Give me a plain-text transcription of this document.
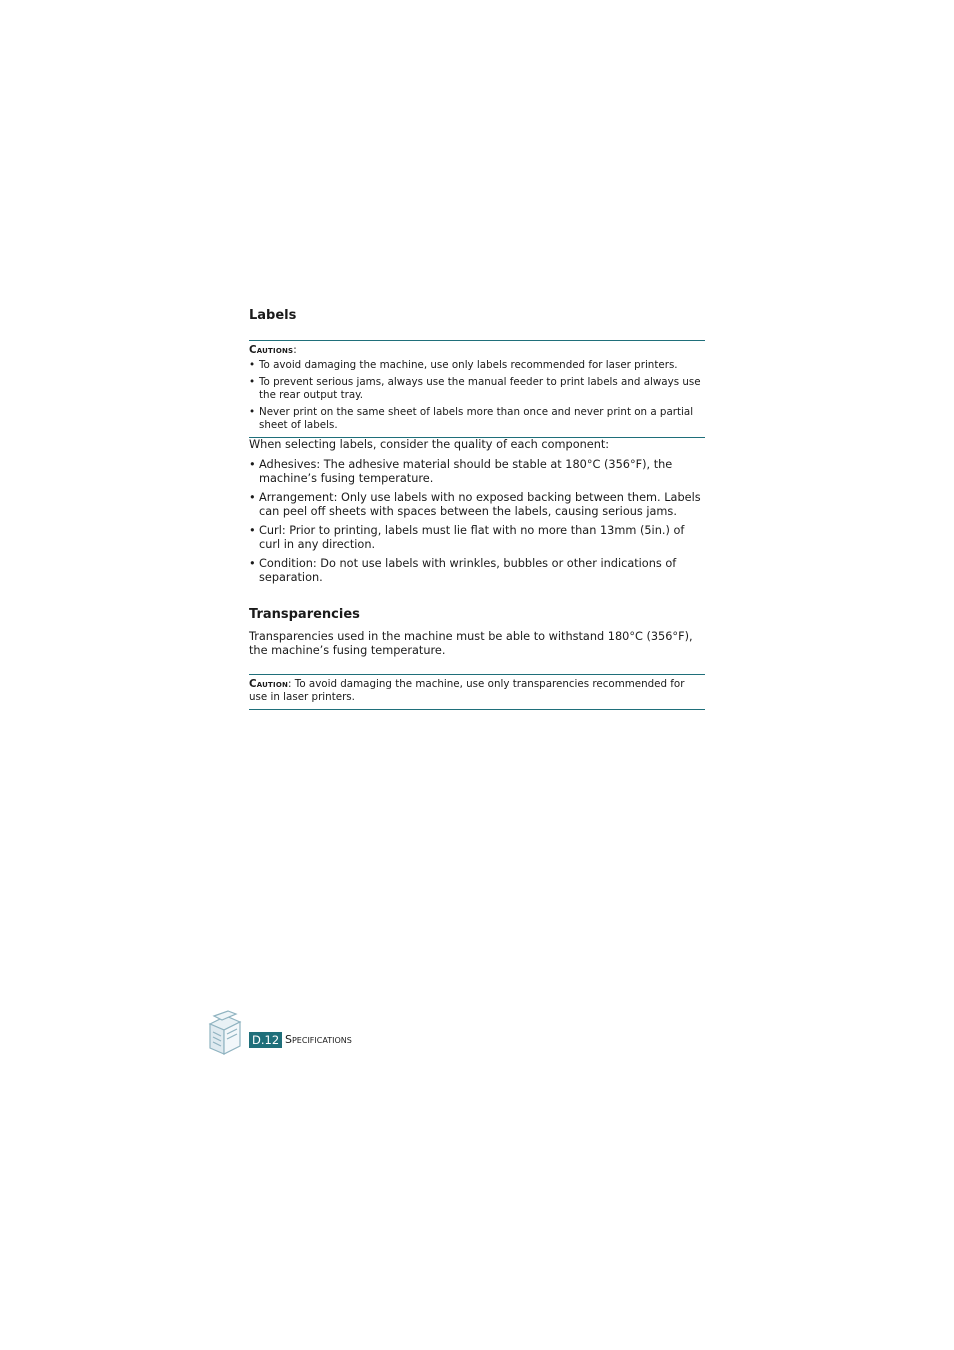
Labels
Cautions:
• To avoid damaging the machine, use only labels recommended for laser printers.
• To prevent serious jams, always use the manual feeder to print labels and always use the rear output tray.
• Never print on the same sheet of labels more than once and never print on a partial sheet of labels.

When selecting labels, consider the quality of each component:

• Adhesives: The adhesive material should be stable at 180°C (356°F), the machine’s fusing temperature.
• Arrangement: Only use labels with no exposed backing between them. Labels can peel off sheets with spaces between the labels, causing serious jams.
• Curl: Prior to printing, labels must lie flat with no more than 13mm (5in.) of curl in any direction.
• Condition: Do not use labels with wrinkles, bubbles or other indications of separation.
Transparencies

Transparencies used in the machine must be able to withstand 180°C (356°F), the machine’s fusing temperature.

Caution: To avoid damaging the machine, use only transparencies recommended for use in laser printers.
D.12 Specifications
